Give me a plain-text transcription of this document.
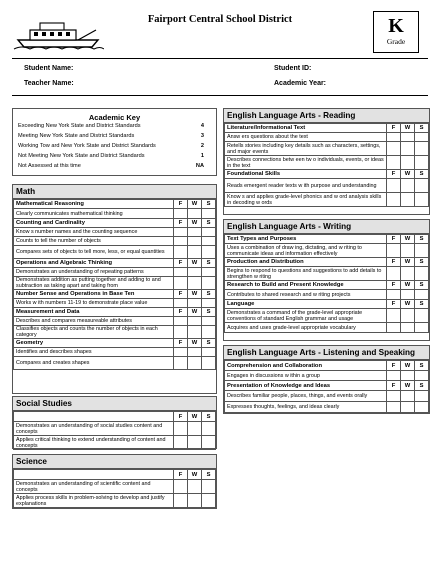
Fairport Central School District	K
Grade
Student Name:
Teacher Name:
Student ID:
Academic Year:
Academic Key
Exceeding New York State and District Standards	4
Meeting New York State and District Standards	3
Working Tow ard New York State and District Standards	2
Not Meeting New York State and District Standards	1
Not Assessed at this time	NA
Math
Mathematical Reasoning	F	W	S
Clearly communicates mathematical thinking			
Counting and Cardinality	F	W	S
Know s number names and the counting sequence			
Counts to tell the number of objects			
Compares sets of objects to tell more, less, or equal quantities			
Operations and Algebraic Thinking	F	W	S
Demonstrates an understanding of repeating patterns			
Demonstrates addition as putting together and adding to and subtraction as taking apart and taking from			
Number Sense and Operations in Base Ten	F	W	S
Works w ith numbers 11-19 to demonstrate place value			
Measurement and Data	F	W	S
Describes and compares measureable attributes			
Classifies objects and counts the number of objects in each category			
Geometry	F	W	S
Identifies and describes shapes			
Compares and creates shapes			
Social Studies
	F	W	S
Demonstrates an understanding of social studies content and concepts			
Applies critical thinking to extend understanding of content and concepts			
Science
	F	W	S
Demonstrates an understanding of scientific content and concepts			
Applies process skills in problem-solving to develop and justify explanations			
English Language Arts - Reading
Literature/Informational Text	F	W	S
Answ ers questions about the text			
Retells stories including key details such as characters, settings, and major events			
Describes connections betw een tw o individuals, events, or ideas in the text			
Foundational Skills	F	W	S
Reads emergent reader texts w ith purpose and understanding			
Know s and applies grade-level phonics and w ord analysis skills in decoding w ords			
English Language Arts - Writing
Text Types and Purposes	F	W	S
Uses a combination of draw ing, dictating, and w riting to communicate ideas and information effectively			
Production and Distribution	F	W	S
Begins to respond to questions and suggestions to add details to strengthen w riting			
Research to Build and Present Knowledge	F	W	S
Contributes to shared research and w riting projects			
Language	F	W	S
Demonstrates a command of the grade-level appropriate conventions of standard English grammar and usage			
Acquires and uses grade-level appropriate vocabulary			
English Language Arts - Listening and Speaking
Comprehension and Collaboration	F	W	S
Engages in discussions w ithin a group			
Presentation of Knowledge and Ideas	F	W	S
Describes familiar people, places, things, and events orally			
Expresses thoughts, feelings, and ideas clearly			
